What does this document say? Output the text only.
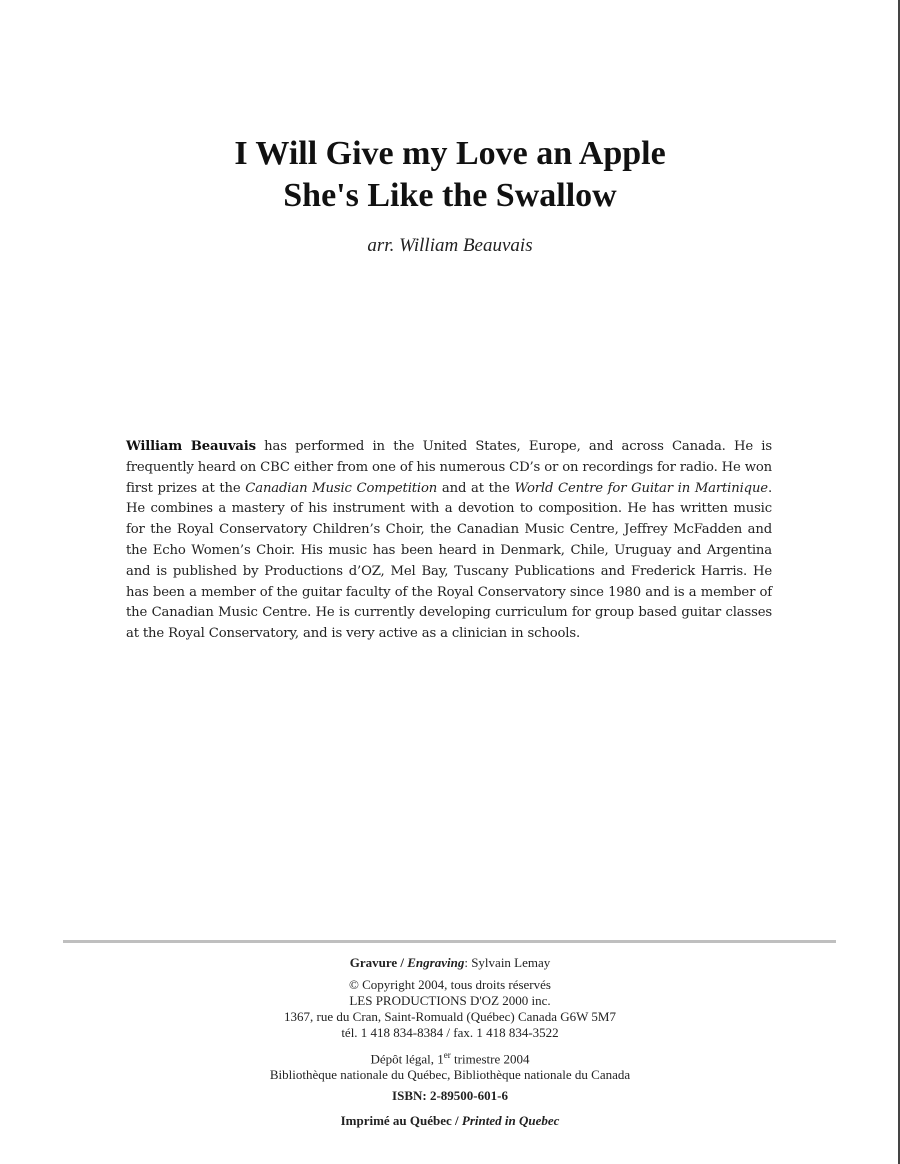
I Will Give my Love an Apple
She's Like the Swallow
arr. William Beauvais
William Beauvais has performed in the United States, Europe, and across Canada. He is frequently heard on CBC either from one of his numerous CD’s or on recordings for radio. He won first prizes at the Canadian Music Competition and at the World Centre for Guitar in Martinique. He combines a mastery of his instrument with a devotion to composition. He has written music for the Royal Conservatory Children’s Choir, the Canadian Music Centre, Jeffrey McFadden and the Echo Women’s Choir. His music has been heard in Denmark, Chile, Uruguay and Argentina and is published by Productions d’OZ, Mel Bay, Tuscany Publications and Frederick Harris. He has been a member of the guitar faculty of the Royal Conservatory since 1980 and is a member of the Canadian Music Centre. He is currently developing curriculum for group based guitar classes at the Royal Conservatory, and is very active as a clinician in schools.
Gravure / Engraving: Sylvain Lemay
© Copyright 2004, tous droits réservés
LES PRODUCTIONS D'OZ 2000 inc.
1367, rue du Cran, Saint-Romuald (Québec) Canada G6W 5M7
tél. 1 418 834-8384 / fax. 1 418 834-3522
Dépôt légal, 1er trimestre 2004
Bibliothèque nationale du Québec, Bibliothèque nationale du Canada
ISBN: 2-89500-601-6
Imprimé au Québec / Printed in Quebec
